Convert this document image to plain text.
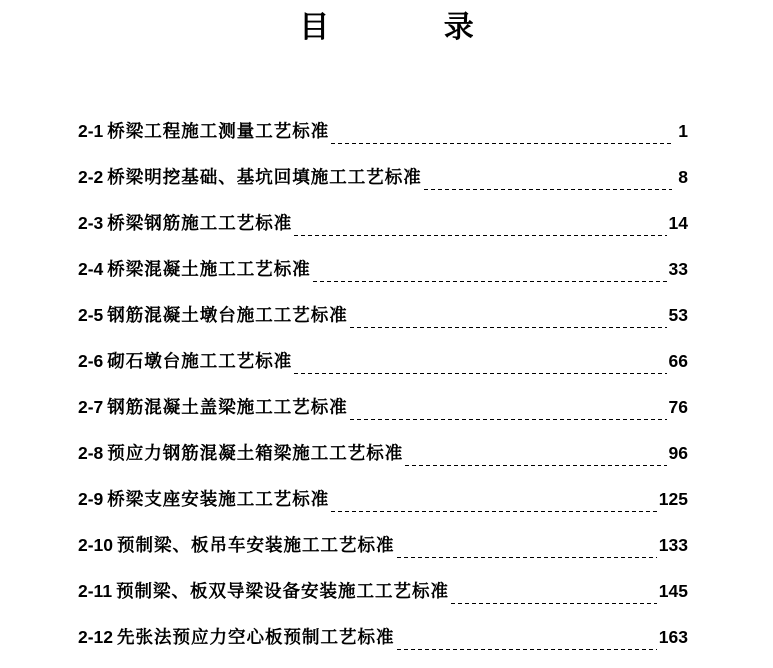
目 录
2-1 桥梁工程施工测量工艺标准	1
2-2 桥梁明挖基础、基坑回填施工工艺标准	8
2-3 桥梁钢筋施工工艺标准	14
2-4 桥梁混凝土施工工艺标准	33
2-5 钢筋混凝土墩台施工工艺标准	53
2-6 砌石墩台施工工艺标准	66
2-7 钢筋混凝土盖梁施工工艺标准	76
2-8 预应力钢筋混凝土箱梁施工工艺标准	96
2-9 桥梁支座安装施工工艺标准	125
2-10 预制梁、板吊车安装施工工艺标准	133
2-11 预制梁、板双导梁设备安装施工工艺标准	145
2-12 先张法预应力空心板预制工艺标准	163
